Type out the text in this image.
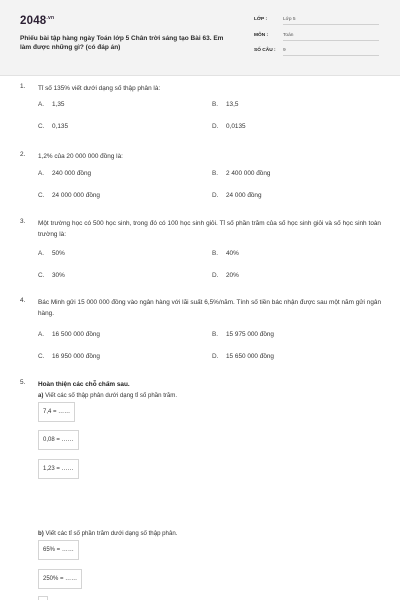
$2048^{.vn}$
Phiếu bài tập hàng ngày Toán lớp 5 Chân trời sáng tạo Bài 63. Em làm được những gì? (có đáp án)
LỚP :	Lớp 5
MÔN :	Toán
SỐ CÂU : 9
1. Tỉ số 135% viết dưới dạng số thập phân là:
A. 1,35	B. 13,5
C. 0,135	D. 0,0135
2. 1,2% của 20 000 000 đồng là:
A. 240 000 đồng	B. 2 400 000 đồng
C. 24 000 000 đồng	D. 24 000 đồng
3. Một trường học có 500 học sinh, trong đó có 100 học sinh giỏi. Tỉ số phần trăm của số học sinh giỏi và số học sinh toàn trường là:
A. 50%	B. 40%
C. 30%	D. 20%
4. Bác Minh gửi 15 000 000 đồng vào ngân hàng với lãi suất 6,5%/năm. Tính số tiền bác nhận được sau một năm gửi ngân hàng.
A. 16 500 000 đồng	B. 15 975 000 đồng
C. 16 950 000 đồng	D. 15 650 000 đồng
5. Hoàn thiện các chỗ chấm sau.
a) Viết các số thập phân dưới dạng tỉ số phần trăm.
7,4 = ……
0,08 = ……
1,23 = ……
b) Viết các tỉ số phần trăm dưới dạng số thập phân.
65% = ……
250% = ……
